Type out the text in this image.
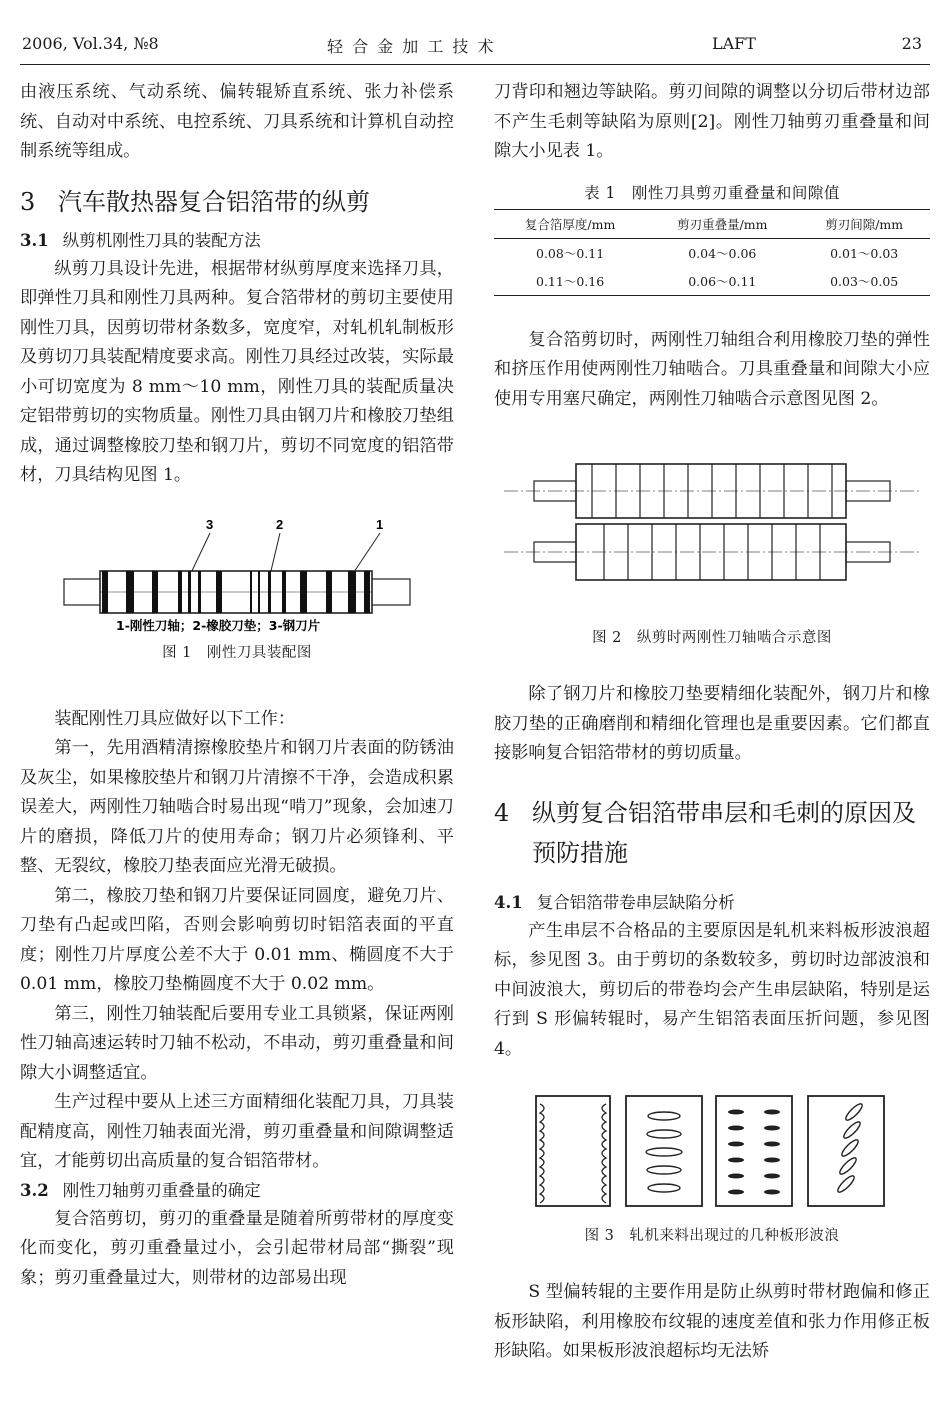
2006, Vol.34, №8	轻 合 金 加 工 技 术	LAFT	23

由液压系统、气动系统、偏转辊矫直系统、张力补偿系统、自动对中系统、电控系统、刀具系统和计算机自动控制系统等组成。

3 汽车散热器复合铝箔带的纵剪
3.1 纵剪机刚性刀具的装配方法

纵剪刀具设计先进，根据带材纵剪厚度来选择刀具，即弹性刀具和刚性刀具两种。复合箔带材的剪切主要使用刚性刀具，因剪切带材条数多，宽度窄，对轧机轧制板形及剪切刀具装配精度要求高。刚性刀具经过改装，实际最小可切宽度为 8 mm～10 mm，刚性刀具的装配质量决定铝带剪切的实物质量。刚性刀具由钢刀片和橡胶刀垫组成，通过调整橡胶刀垫和钢刀片，剪切不同宽度的铝箔带材，刀具结构见图 1。

3	2	1
1-刚性刀轴；2-橡胶刀垫；3-钢刀片
图 1　刚性刀具装配图

装配刚性刀具应做好以下工作：

第一，先用酒精清擦橡胶垫片和钢刀片表面的防锈油及灰尘，如果橡胶垫片和钢刀片清擦不干净，会造成积累误差大，两刚性刀轴啮合时易出现“啃刀”现象，会加速刀片的磨损，降低刀片的使用寿命；钢刀片必须锋利、平整、无裂纹，橡胶刀垫表面应光滑无破损。

第二，橡胶刀垫和钢刀片要保证同圆度，避免刀片、刀垫有凸起或凹陷，否则会影响剪切时铝箔表面的平直度；刚性刀片厚度公差不大于 0.01 mm、椭圆度不大于 0.01 mm，橡胶刀垫椭圆度不大于 0.02 mm。

第三，刚性刀轴装配后要用专业工具锁紧，保证两刚性刀轴高速运转时刀轴不松动，不串动，剪刃重叠量和间隙大小调整适宜。

生产过程中要从上述三方面精细化装配刀具，刀具装配精度高，刚性刀轴表面光滑，剪刃重叠量和间隙调整适宜，才能剪切出高质量的复合铝箔带材。

3.2 刚性刀轴剪刃重叠量的确定

复合箔剪切，剪刃的重叠量是随着所剪带材的厚度变化而变化，剪刃重叠量过小，会引起带材局部“撕裂”现象；剪刃重叠量过大，则带材的边部易出现

刀背印和翘边等缺陷。剪刃间隙的调整以分切后带材边部不产生毛刺等缺陷为原则[2]。刚性刀轴剪刃重叠量和间隙大小见表 1。

表 1　刚性刀具剪刃重叠量和间隙值
复合箔厚度/mm	剪刃重叠量/mm	剪刃间隙/mm
0.08～0.11	0.04～0.06	0.01～0.03
0.11～0.16	0.06～0.11	0.03～0.05

复合箔剪切时，两刚性刀轴组合利用橡胶刀垫的弹性和挤压作用使两刚性刀轴啮合。刀具重叠量和间隙大小应使用专用塞尺确定，两刚性刀轴啮合示意图见图 2。

图 2　纵剪时两刚性刀轴啮合示意图

除了钢刀片和橡胶刀垫要精细化装配外，钢刀片和橡胶刀垫的正确磨削和精细化管理也是重要因素。它们都直接影响复合铝箔带材的剪切质量。

4 纵剪复合铝箔带串层和毛刺的原因及预防措施
4.1 复合铝箔带卷串层缺陷分析

产生串层不合格品的主要原因是轧机来料板形波浪超标，参见图 3。由于剪切的条数较多，剪切时边部波浪和中间波浪大，剪切后的带卷均会产生串层缺陷，特别是运行到 S 形偏转辊时，易产生铝箔表面压折问题，参见图 4。

图 3　轧机来料出现过的几种板形波浪

S 型偏转辊的主要作用是防止纵剪时带材跑偏和修正板形缺陷，利用橡胶布纹辊的速度差值和张力作用修正板形缺陷。如果板形波浪超标均无法矫
